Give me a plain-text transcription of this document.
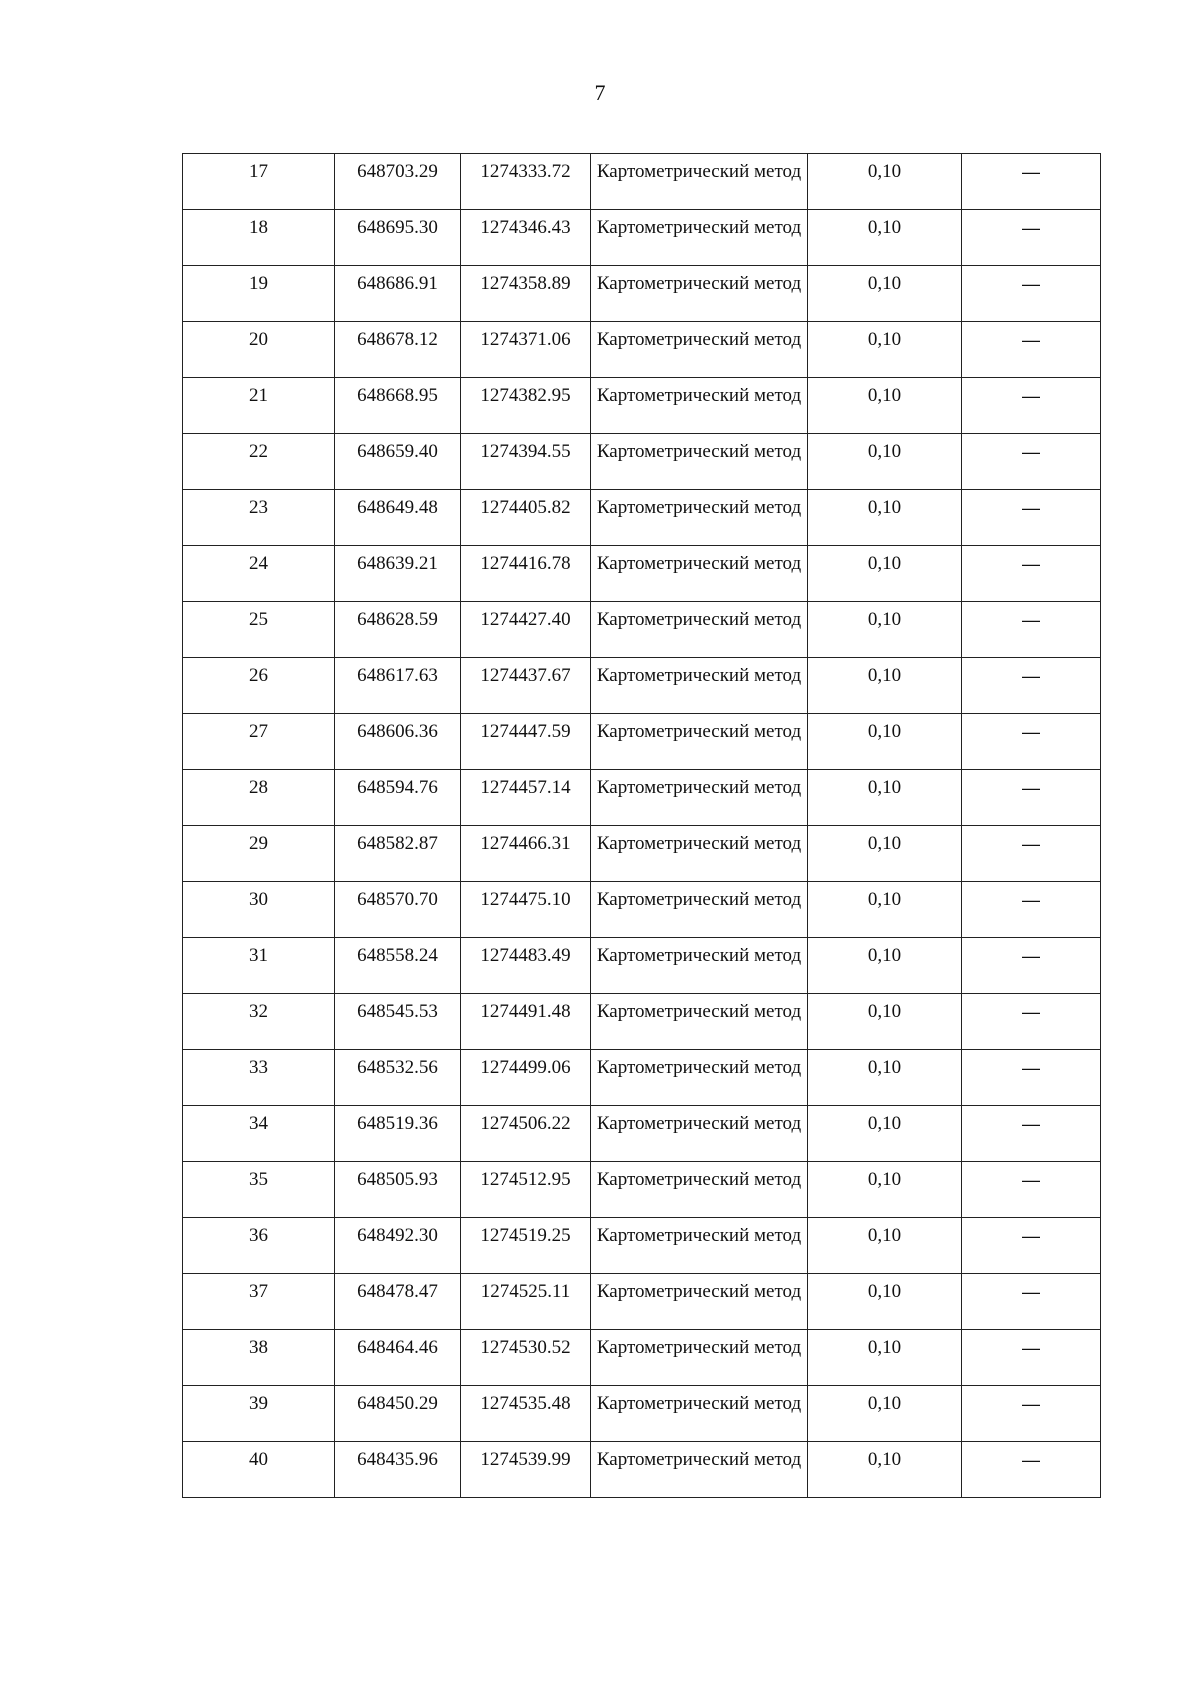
7
17	648703.29	1274333.72	Картометрический метод	0,10	—

18	648695.30	1274346.43	Картометрический метод	0,10	—

19	648686.91	1274358.89	Картометрический метод	0,10	—

20	648678.12	1274371.06	Картометрический метод	0,10	—

21	648668.95	1274382.95	Картометрический метод	0,10	—

22	648659.40	1274394.55	Картометрический метод	0,10	—

23	648649.48	1274405.82	Картометрический метод	0,10	—

24	648639.21	1274416.78	Картометрический метод	0,10	—

25	648628.59	1274427.40	Картометрический метод	0,10	—

26	648617.63	1274437.67	Картометрический метод	0,10	—

27	648606.36	1274447.59	Картометрический метод	0,10	—

28	648594.76	1274457.14	Картометрический метод	0,10	—

29	648582.87	1274466.31	Картометрический метод	0,10	—

30	648570.70	1274475.10	Картометрический метод	0,10	—

31	648558.24	1274483.49	Картометрический метод	0,10	—

32	648545.53	1274491.48	Картометрический метод	0,10	—

33	648532.56	1274499.06	Картометрический метод	0,10	—

34	648519.36	1274506.22	Картометрический метод	0,10	—

35	648505.93	1274512.95	Картометрический метод	0,10	—

36	648492.30	1274519.25	Картометрический метод	0,10	—

37	648478.47	1274525.11	Картометрический метод	0,10	—

38	648464.46	1274530.52	Картометрический метод	0,10	—

39	648450.29	1274535.48	Картометрический метод	0,10	—

40	648435.96	1274539.99	Картометрический метод	0,10	—
